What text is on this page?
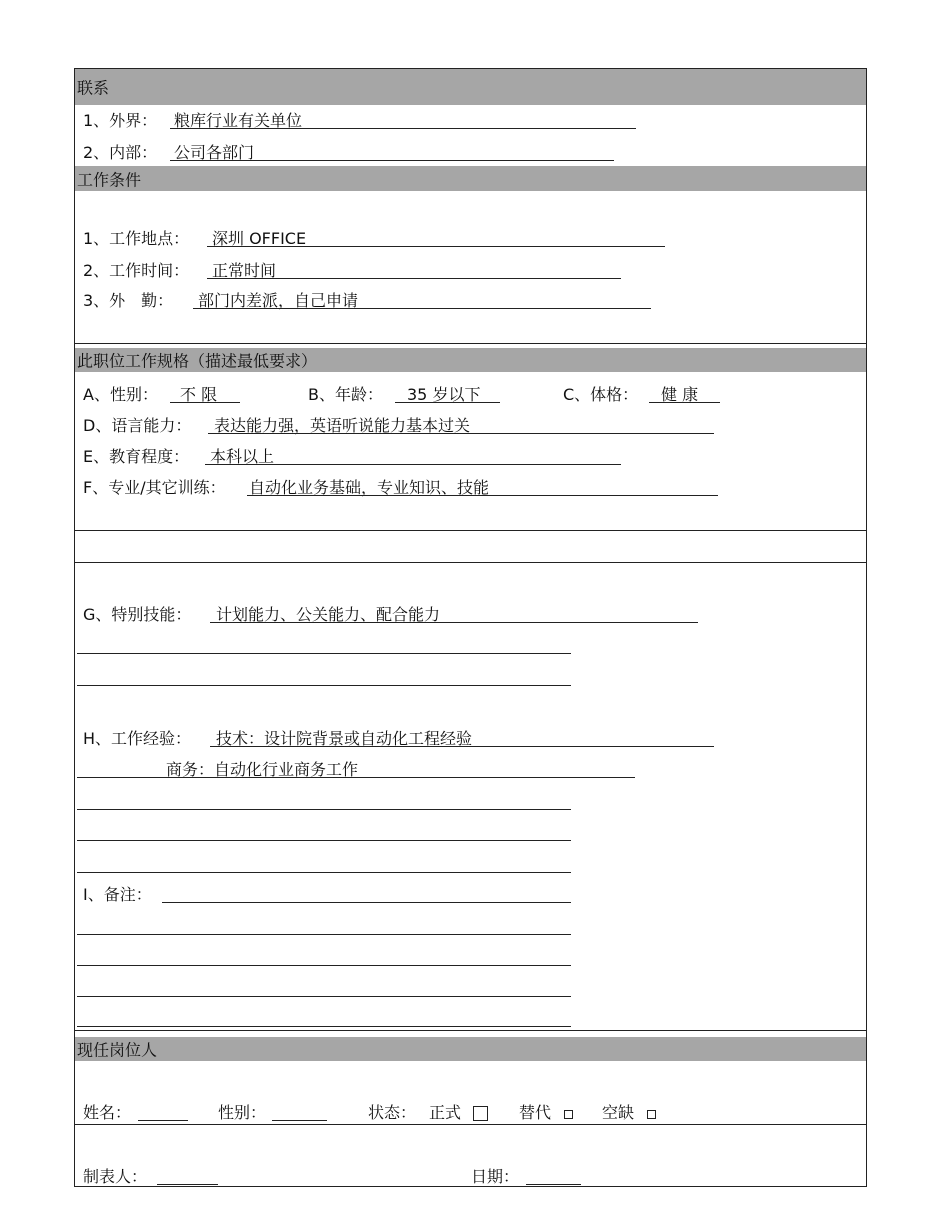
联系
1、外界： 粮库行业有关单位
2、内部： 公司各部门
工作条件
1、工作地点： 深圳 OFFICE
2、工作时间： 正常时间
3、外　勤： 部门内差派，自己申请
此职位工作规格（描述最低要求）
A、性别： 不 限	B、年龄： 35 岁以下	C、体格： 健 康
D、语言能力： 表达能力强，英语听说能力基本过关
E、教育程度： 本科以上
F、专业/其它训练： 自动化业务基础，专业知识、技能
G、特别技能： 计划能力、公关能力、配合能力
H、工作经验： 技术：设计院背景或自动化工程经验
商务：自动化行业商务工作
I、备注：
现任岗位人
姓名：	性别：	状态： 正式	替代	空缺
制表人：	日期：
